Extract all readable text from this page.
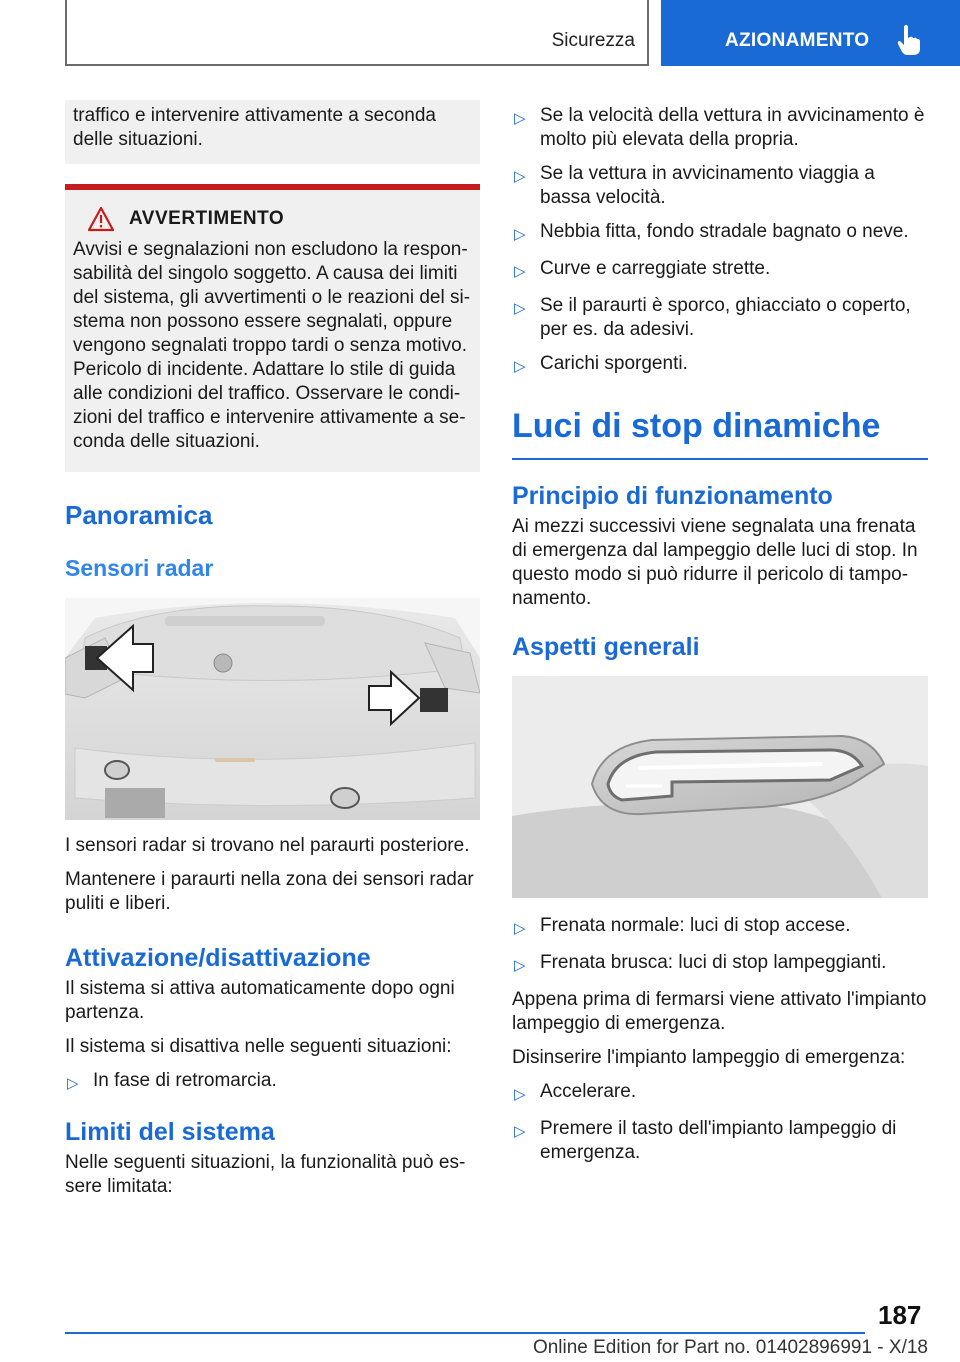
Sicurezza	AZIONAMENTO

traffico e intervenire attivamente a seconda delle situazioni.

AVVERTIMENTO

Avvisi e segnalazioni non escludono la respon-sabilità del singolo soggetto. A causa dei limiti del sistema, gli avvertimenti o le reazioni del si-stema non possono essere segnalati, oppure vengono segnalati troppo tardi o senza motivo. Pericolo di incidente. Adattare lo stile di guida alle condizioni del traffico. Osservare le condi-zioni del traffico e intervenire attivamente a se-conda delle situazioni.

Panoramica
Sensori radar

I sensori radar si trovano nel paraurti posteriore.

Mantenere i paraurti nella zona dei sensori radar puliti e liberi.

Attivazione/disattivazione

Il sistema si attiva automaticamente dopo ogni partenza.

Il sistema si disattiva nelle seguenti situazioni:

▷ In fase di retromarcia.
Limiti del sistema

Nelle seguenti situazioni, la funzionalità può es-sere limitata:

▷ Se la velocità della vettura in avvicinamento è molto più elevata della propria.
▷ Se la vettura in avvicinamento viaggia a bassa velocità.
▷ Nebbia fitta, fondo stradale bagnato o neve.
▷ Curve e carreggiate strette.
▷ Se il paraurti è sporco, ghiacciato o coperto, per es. da adesivi.
▷ Carichi sporgenti.
Luci di stop dinamiche
Principio di funzionamento

Ai mezzi successivi viene segnalata una frenata di emergenza dal lampeggio delle luci di stop. In questo modo si può ridurre il pericolo di tampo-namento.

Aspetti generali
▷ Frenata normale: luci di stop accese.
▷ Frenata brusca: luci di stop lampeggianti.

Appena prima di fermarsi viene attivato l'impianto lampeggio di emergenza.

Disinserire l'impianto lampeggio di emergenza:

▷ Accelerare.
▷ Premere il tasto dell'impianto lampeggio di emergenza.
187
Online Edition for Part no. 01402896991 - X/18
